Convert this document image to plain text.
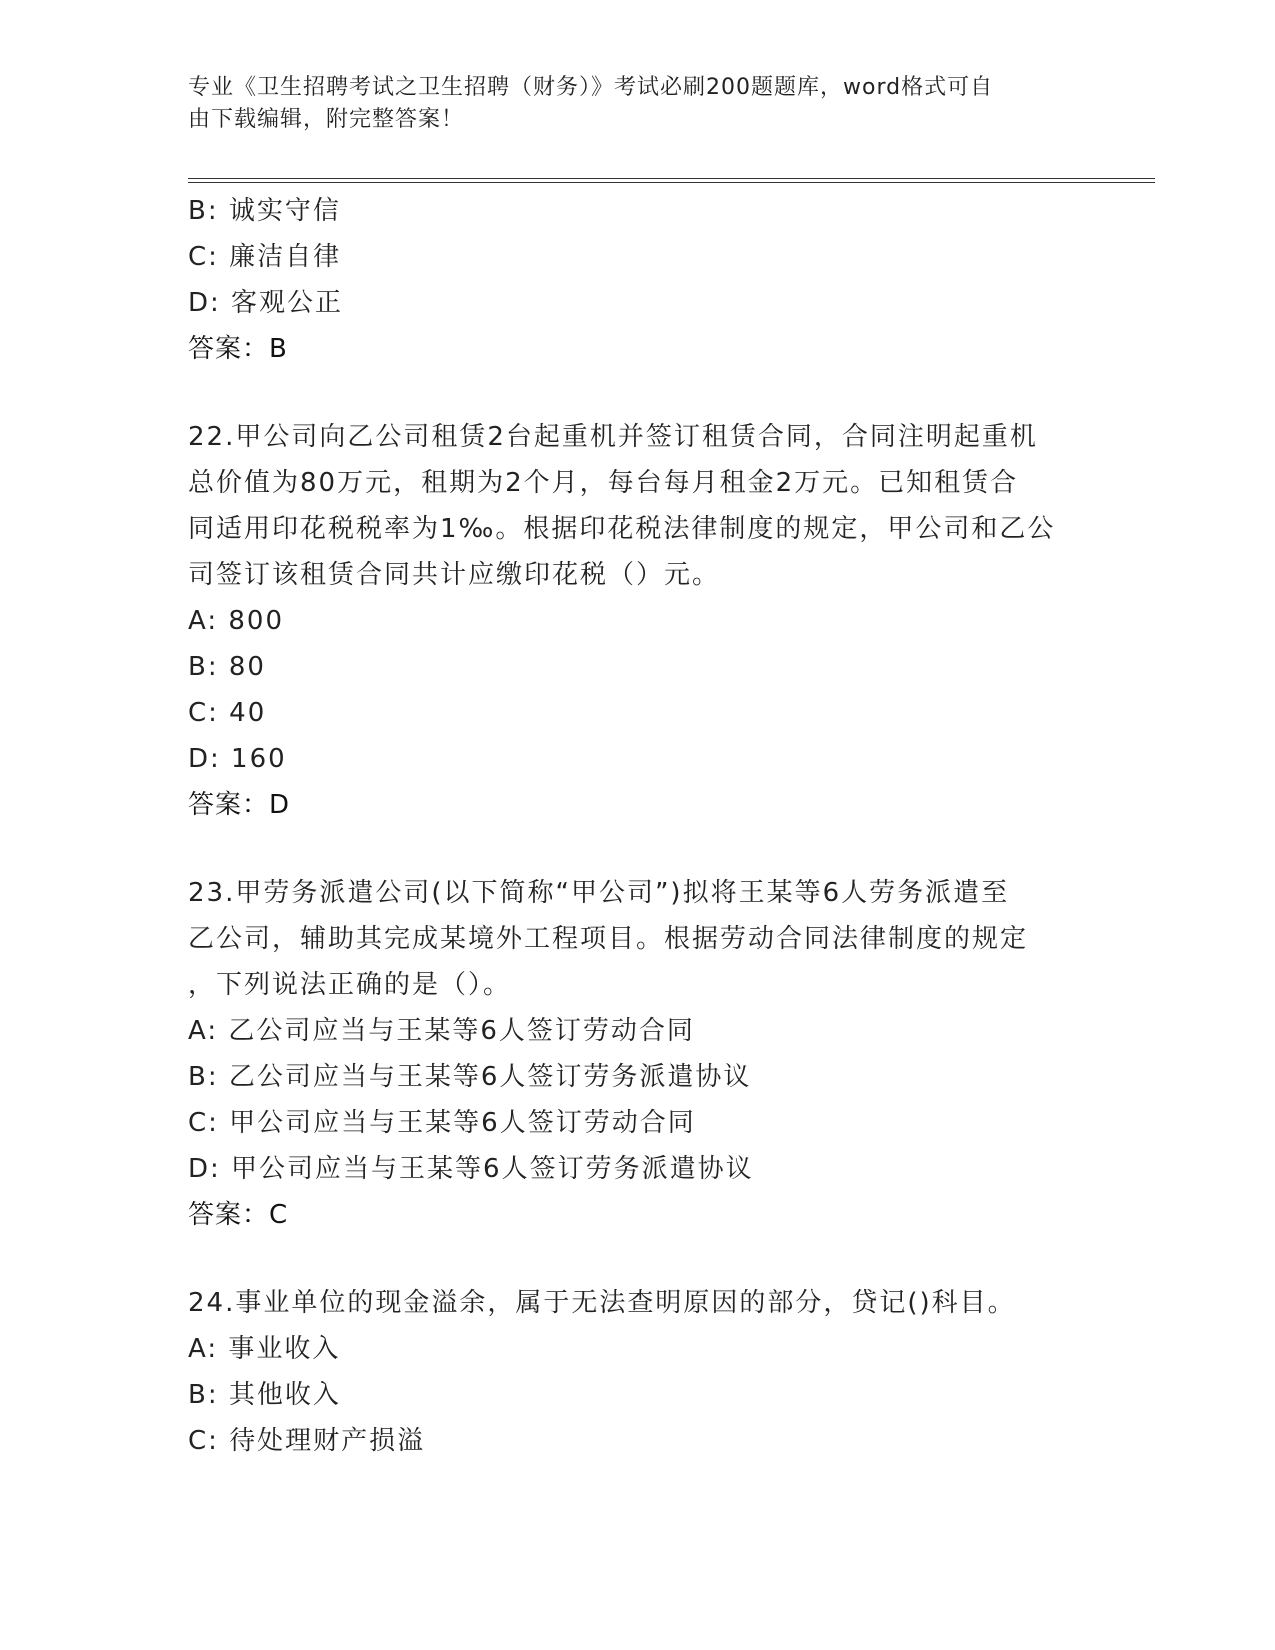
专业《卫生招聘考试之卫生招聘（财务）》考试必刷200题题库，word格式可自
由下载编辑，附完整答案！
B: 诚实守信
C: 廉洁自律
D: 客观公正
答案：B
22.甲公司向乙公司租赁2台起重机并签订租赁合同，合同注明起重机
总价值为80万元，租期为2个月，每台每月租金2万元。已知租赁合
同适用印花税税率为1‰。根据印花税法律制度的规定，甲公司和乙公
司签订该租赁合同共计应缴印花税（）元。
A: 800
B: 80
C: 40
D: 160
答案：D
23.甲劳务派遣公司(以下简称“甲公司”)拟将王某等6人劳务派遣至
乙公司，辅助其完成某境外工程项目。根据劳动合同法律制度的规定
，下列说法正确的是（）。
A: 乙公司应当与王某等6人签订劳动合同
B: 乙公司应当与王某等6人签订劳务派遣协议
C: 甲公司应当与王某等6人签订劳动合同
D: 甲公司应当与王某等6人签订劳务派遣协议
答案：C
24.事业单位的现金溢余，属于无法查明原因的部分，贷记()科目。
A: 事业收入
B: 其他收入
C: 待处理财产损溢
